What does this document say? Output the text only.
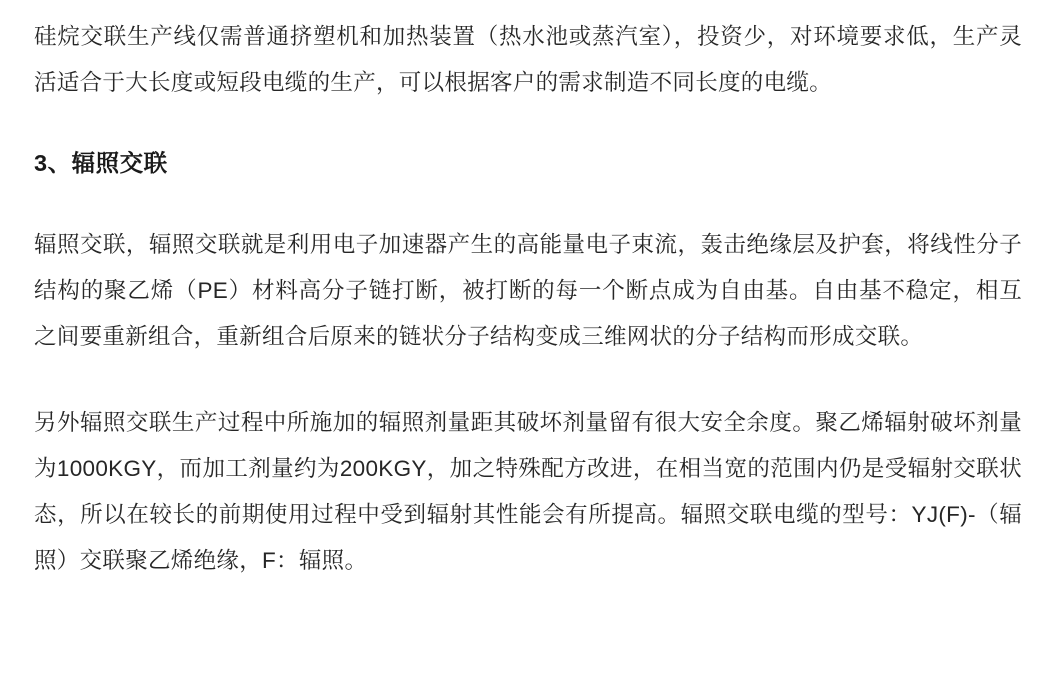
硅烷交联生产线仅需普通挤塑机和加热装置（热水池或蒸汽室），投资少，对环境要求低，生产灵活适合于大长度或短段电缆的生产，可以根据客户的需求制造不同长度的电缆。

3、辐照交联

辐照交联，辐照交联就是利用电子加速器产生的高能量电子束流，轰击绝缘层及护套，将线性分子结构的聚乙烯（PE）材料高分子链打断，被打断的每一个断点成为自由基。自由基不稳定，相互之间要重新组合，重新组合后原来的链状分子结构变成三维网状的分子结构而形成交联。

另外辐照交联生产过程中所施加的辐照剂量距其破坏剂量留有很大安全余度。聚乙烯辐射破坏剂量为1000KGY，而加工剂量约为200KGY，加之特殊配方改进，在相当宽的范围内仍是受辐射交联状态，所以在较长的前期使用过程中受到辐射其性能会有所提高。辐照交联电缆的型号：YJ(F)-（辐照）交联聚乙烯绝缘，F：辐照。
